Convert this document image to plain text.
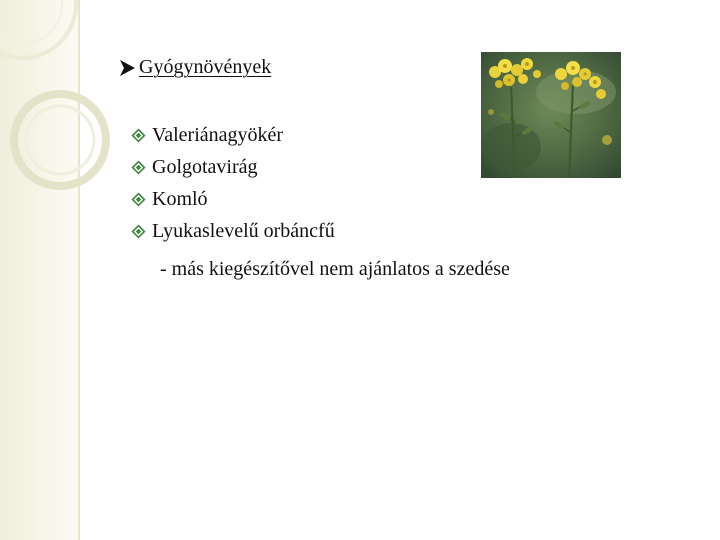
Gyógynövények
Valeriánagyökér
Golgotavirág
Komló
Lyukaslevelű orbáncfű
- más kiegészítővel nem ajánlatos a szedése
